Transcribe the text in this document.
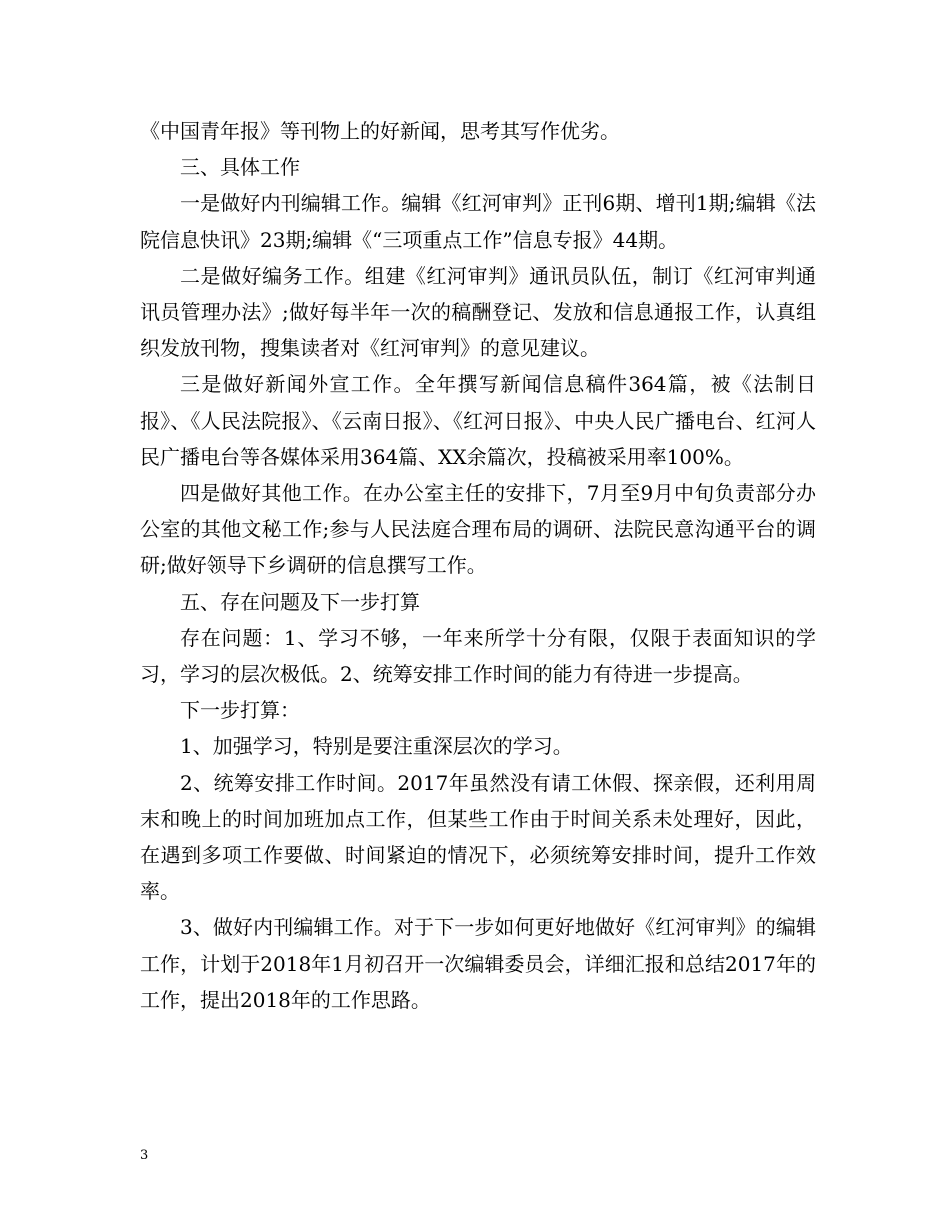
《中国青年报》等刊物上的好新闻，思考其写作优劣。

三、具体工作

一是做好内刊编辑工作。编辑《红河审判》正刊6期、增刊1期;编辑《法院信息快讯》23期;编辑《“三项重点工作”信息专报》44期。

二是做好编务工作。组建《红河审判》通讯员队伍，制订《红河审判通讯员管理办法》;做好每半年一次的稿酬登记、发放和信息通报工作，认真组织发放刊物，搜集读者对《红河审判》的意见建议。

三是做好新闻外宣工作。全年撰写新闻信息稿件364篇，被《法制日报》、《人民法院报》、《云南日报》、《红河日报》、中央人民广播电台、红河人民广播电台等各媒体采用364篇、XX余篇次，投稿被采用率100%。

四是做好其他工作。在办公室主任的安排下，7月至9月中旬负责部分办公室的其他文秘工作;参与人民法庭合理布局的调研、法院民意沟通平台的调研;做好领导下乡调研的信息撰写工作。

五、存在问题及下一步打算

存在问题：1、学习不够，一年来所学十分有限，仅限于表面知识的学习，学习的层次极低。2、统筹安排工作时间的能力有待进一步提高。

下一步打算：

1、加强学习，特别是要注重深层次的学习。

2、统筹安排工作时间。2017年虽然没有请工休假、探亲假，还利用周末和晚上的时间加班加点工作，但某些工作由于时间关系未处理好，因此，在遇到多项工作要做、时间紧迫的情况下，必须统筹安排时间，提升工作效率。

3、做好内刊编辑工作。对于下一步如何更好地做好《红河审判》的编辑工作，计划于2018年1月初召开一次编辑委员会，详细汇报和总结2017年的工作，提出2018年的工作思路。

3
